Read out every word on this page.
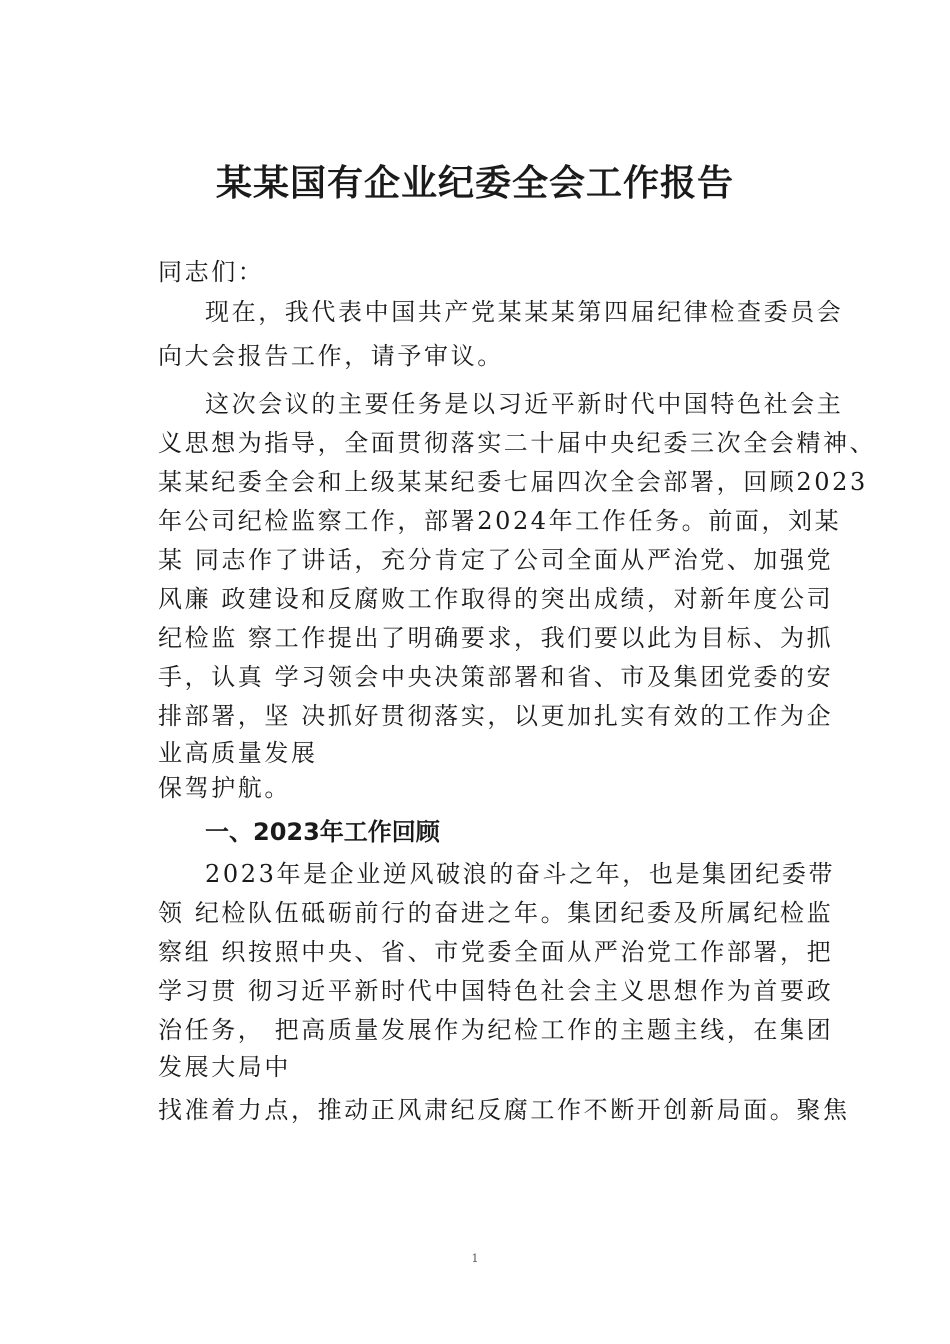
某某国有企业纪委全会工作报告
同志们：
现在，我代表中国共产党某某某第四届纪律检查委员会
向大会报告工作，请予审议。
这次会议的主要任务是以习近平新时代中国特色社会主
义思想为指导，全面贯彻落实二十届中央纪委三次全会精神、
某某纪委全会和上级某某纪委七届四次全会部署，回顾2023
年公司纪检监察工作，部署2024年工作任务。前面，刘某
某 同志作了讲话，充分肯定了公司全面从严治党、加强党
风廉 政建设和反腐败工作取得的突出成绩，对新年度公司
纪检监 察工作提出了明确要求，我们要以此为目标、为抓
手，认真 学习领会中央决策部署和省、市及集团党委的安
排部署，坚 决抓好贯彻落实，以更加扎实有效的工作为企
业高质量发展
保驾护航。
一、2023年工作回顾
2023年是企业逆风破浪的奋斗之年，也是集团纪委带
领 纪检队伍砥砺前行的奋进之年。集团纪委及所属纪检监
察组 织按照中央、省、市党委全面从严治党工作部署，把
学习贯 彻习近平新时代中国特色社会主义思想作为首要政
治任务， 把高质量发展作为纪检工作的主题主线，在集团
发展大局中
找准着力点，推动正风肃纪反腐工作不断开创新局面。聚焦
1
